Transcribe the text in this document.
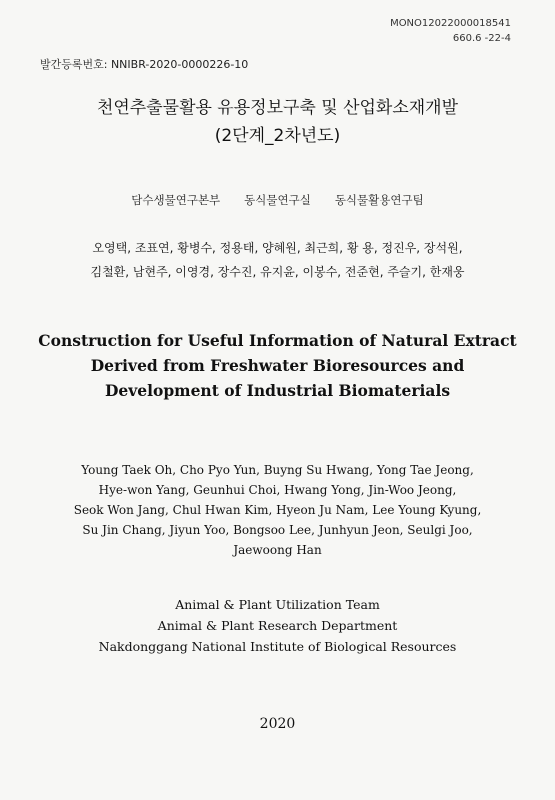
MONO12022000018541
660.6 -22-4
발간등록번호: NNIBR-2020-0000226-10
천연추출물활용 유용정보구축 및 산업화소재개발
(2단계_2차년도)
담수생물연구본부 동식물연구실 동식물활용연구팀
오영택, 조표연, 황병수, 정용태, 양혜원, 최근희, 황 용, 정진우, 장석원,
김철환, 남현주, 이영경, 장수진, 유지윤, 이봉수, 전준현, 주슬기, 한재웅
Construction for Useful Information of Natural Extract
Derived from Freshwater Bioresources and
Development of Industrial Biomaterials
Young Taek Oh, Cho Pyo Yun, Buyng Su Hwang, Yong Tae Jeong,
Hye-won Yang, Geunhui Choi, Hwang Yong, Jin-Woo Jeong,
Seok Won Jang, Chul Hwan Kim, Hyeon Ju Nam, Lee Young Kyung,
Su Jin Chang, Jiyun Yoo, Bongsoo Lee, Junhyun Jeon, Seulgi Joo,
Jaewoong Han
Animal & Plant Utilization Team
Animal & Plant Research Department
Nakdonggang National Institute of Biological Resources
2020
